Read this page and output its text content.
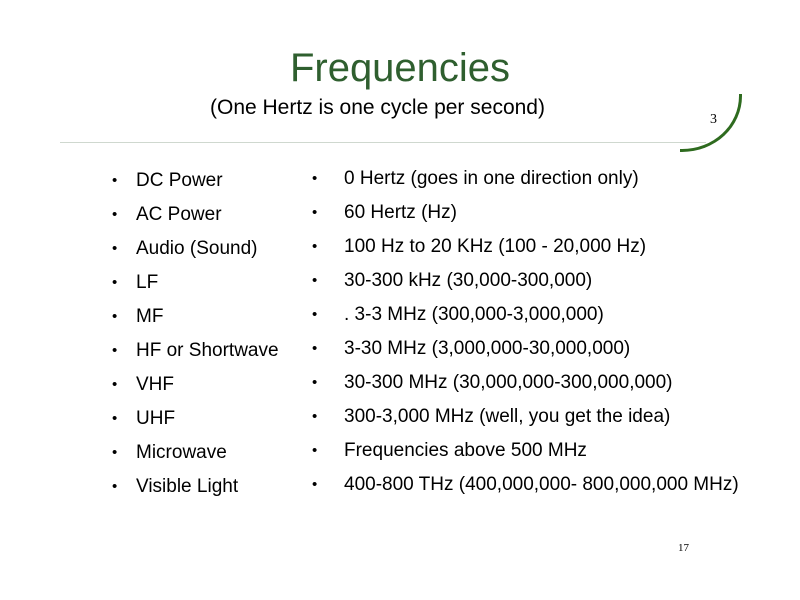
Frequencies
(One Hertz is one cycle per second)
3
• DC Power
• AC Power
• Audio (Sound)
• LF
• MF
• HF or Shortwave
• VHF
• UHF
• Microwave
• Visible Light
• 0 Hertz (goes in one direction only)
• 60 Hertz (Hz)
• 100 Hz to 20 KHz (100 - 20,000 Hz)
• 30-300 kHz (30,000-300,000)
• . 3-3 MHz (300,000-3,000,000)
• 3-30 MHz (3,000,000-30,000,000)
• 30-300 MHz (30,000,000-300,000,000)
• 300-3,000 MHz (well, you get the idea)
• Frequencies above 500 MHz
• 400-800 THz (400,000,000- 800,000,000 MHz)
17
